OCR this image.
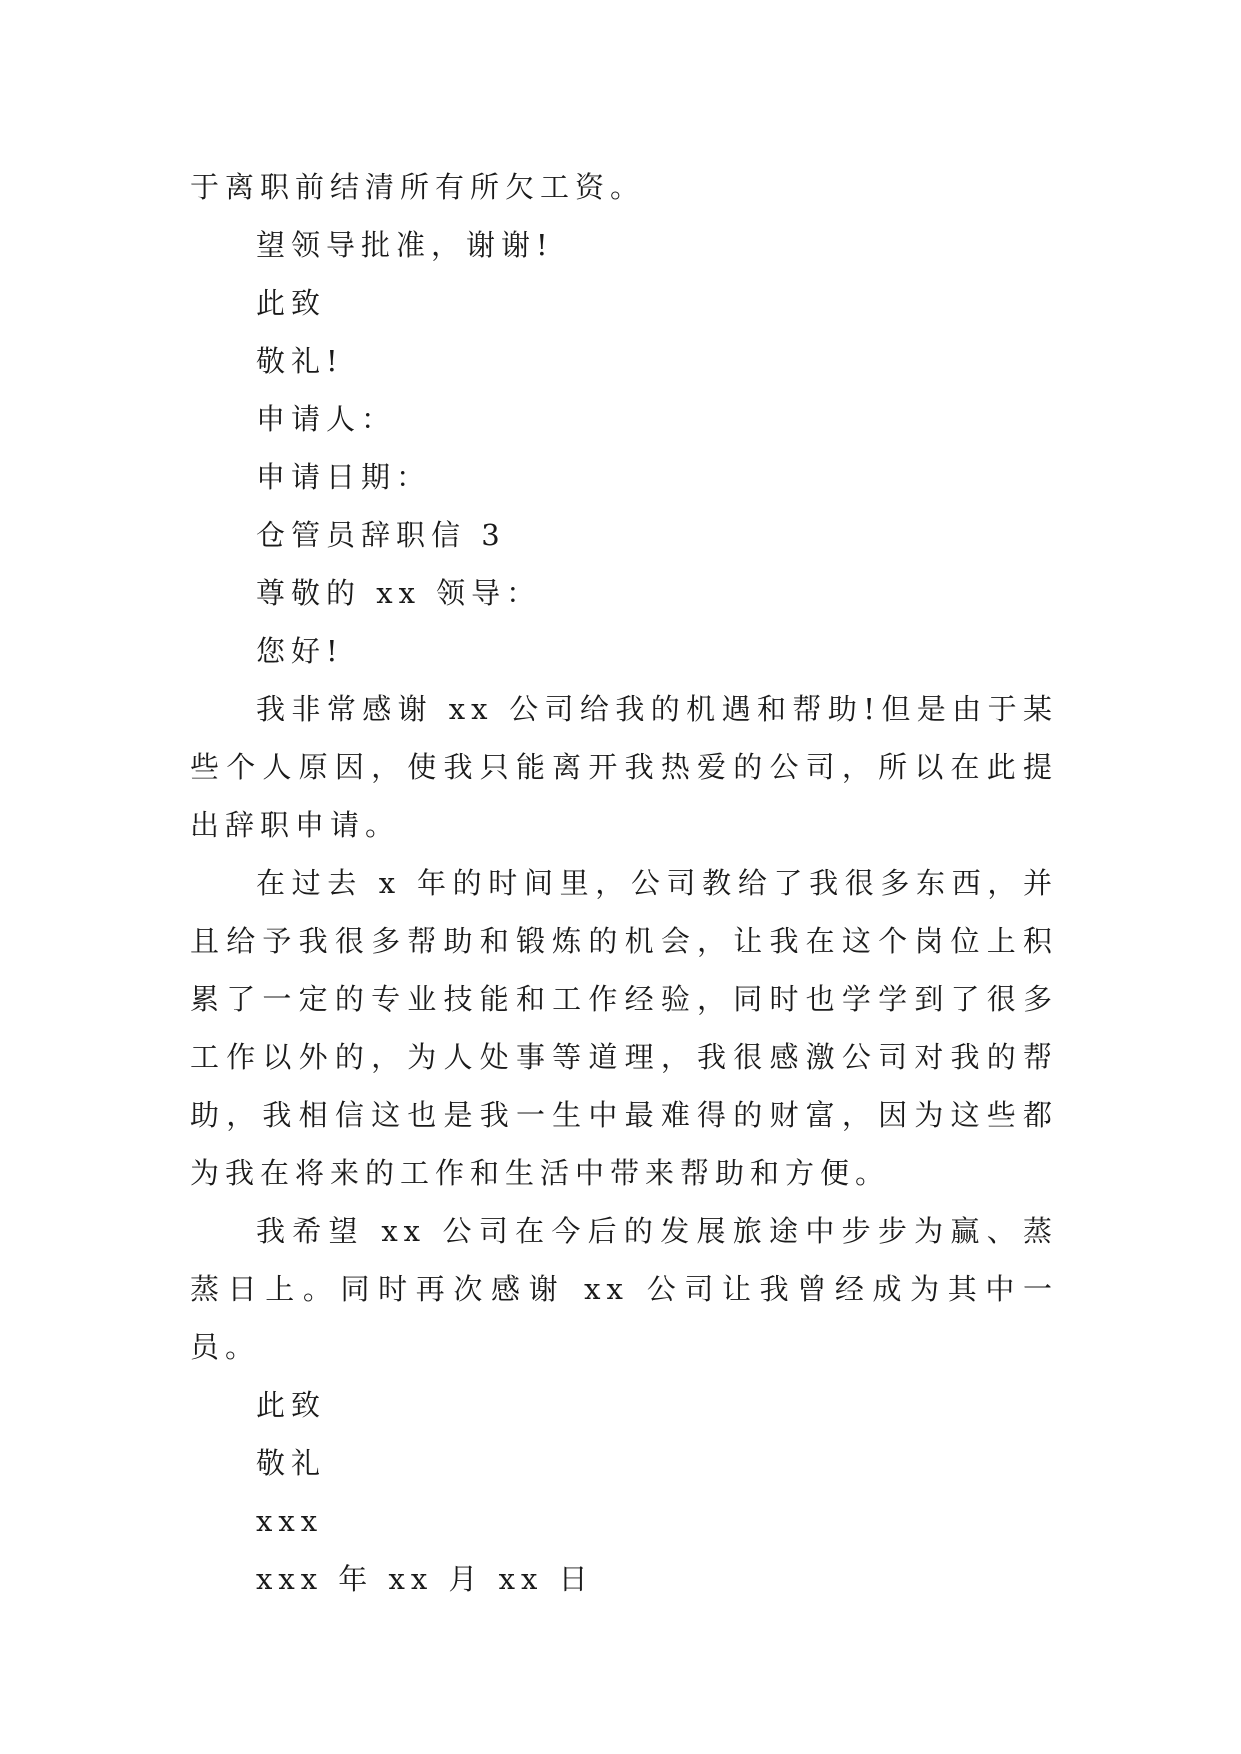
于离职前结清所有所欠工资。

望领导批准，谢谢!

此致

敬礼!

申请人：

申请日期：

仓管员辞职信 3

尊敬的 xx 领导：

您好!

我非常感谢 xx 公司给我的机遇和帮助!但是由于某些个人原因，使我只能离开我热爱的公司，所以在此提出辞职申请。

在过去 x 年的时间里，公司教给了我很多东西，并且给予我很多帮助和锻炼的机会，让我在这个岗位上积累了一定的专业技能和工作经验，同时也学学到了很多工作以外的，为人处事等道理，我很感激公司对我的帮助，我相信这也是我一生中最难得的财富，因为这些都为我在将来的工作和生活中带来帮助和方便。

我希望 xx 公司在今后的发展旅途中步步为赢、蒸蒸日上。同时再次感谢 xx 公司让我曾经成为其中一员。

此致

敬礼

xxx

xxx 年 xx 月 xx 日
